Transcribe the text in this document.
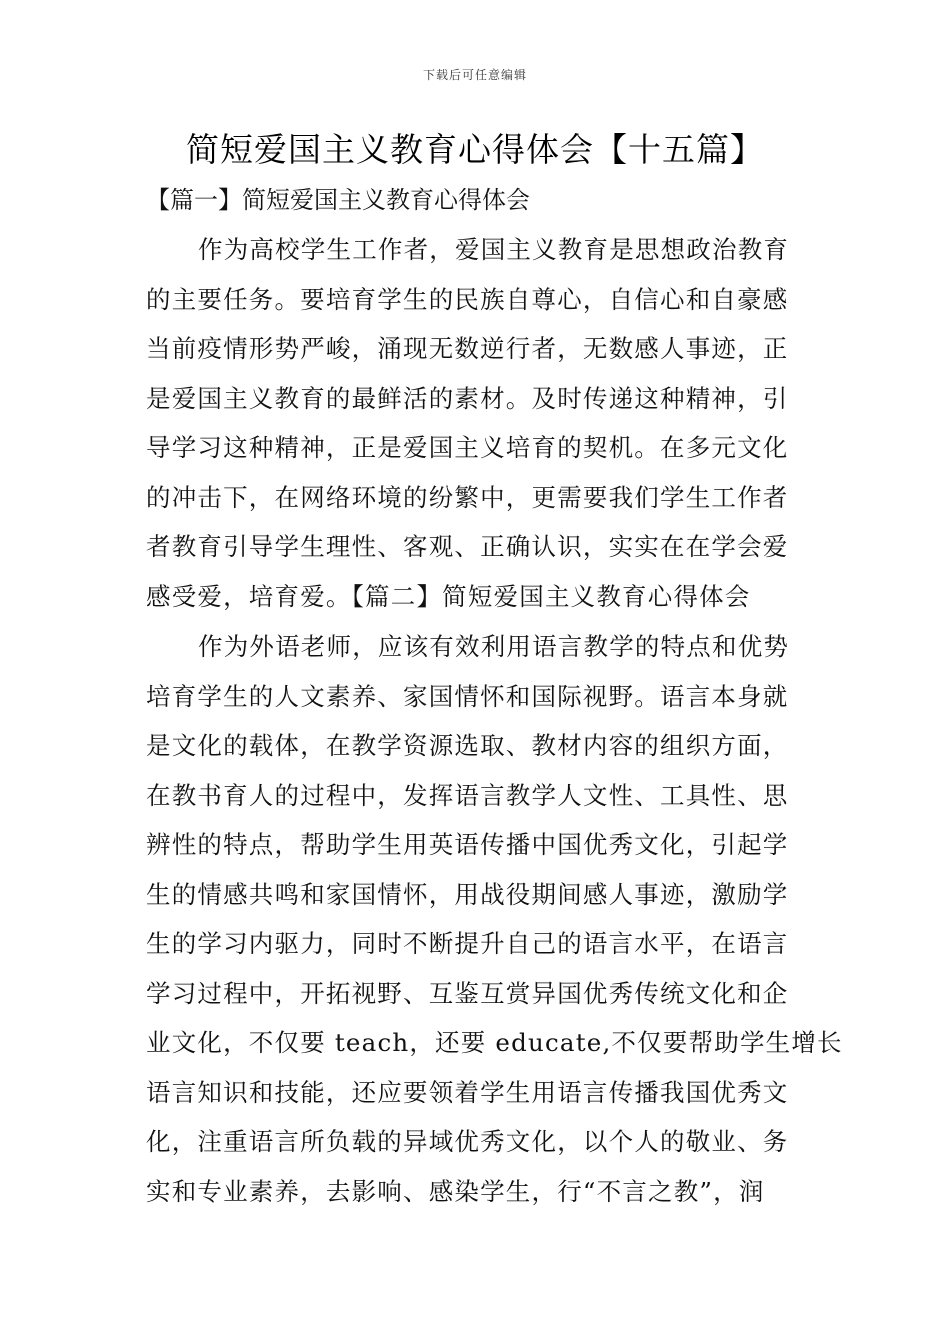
下载后可任意编辑
简短爱国主义教育心得体会【十五篇】
【篇一】简短爱国主义教育心得体会
作为高校学生工作者，爱国主义教育是思想政治教育
的主要任务。要培育学生的民族自尊心，自信心和自豪感
当前疫情形势严峻，涌现无数逆行者，无数感人事迹，正
是爱国主义教育的最鲜活的素材。及时传递这种精神，引
导学习这种精神，正是爱国主义培育的契机。在多元文化
的冲击下，在网络环境的纷繁中，更需要我们学生工作者
者教育引导学生理性、客观、正确认识，实实在在学会爱
感受爱，培育爱。【篇二】简短爱国主义教育心得体会
作为外语老师，应该有效利用语言教学的特点和优势
培育学生的人文素养、家国情怀和国际视野。语言本身就
是文化的载体，在教学资源选取、教材内容的组织方面，
在教书育人的过程中，发挥语言教学人文性、工具性、思
辨性的特点，帮助学生用英语传播中国优秀文化，引起学
生的情感共鸣和家国情怀，用战役期间感人事迹，激励学
生的学习内驱力，同时不断提升自己的语言水平，在语言
学习过程中，开拓视野、互鉴互赏异国优秀传统文化和企
业文化，不仅要 teach，还要 educate,不仅要帮助学生增长
语言知识和技能，还应要领着学生用语言传播我国优秀文
化，注重语言所负载的异域优秀文化，以个人的敬业、务
实和专业素养，去影响、感染学生，行“不言之教”，润
